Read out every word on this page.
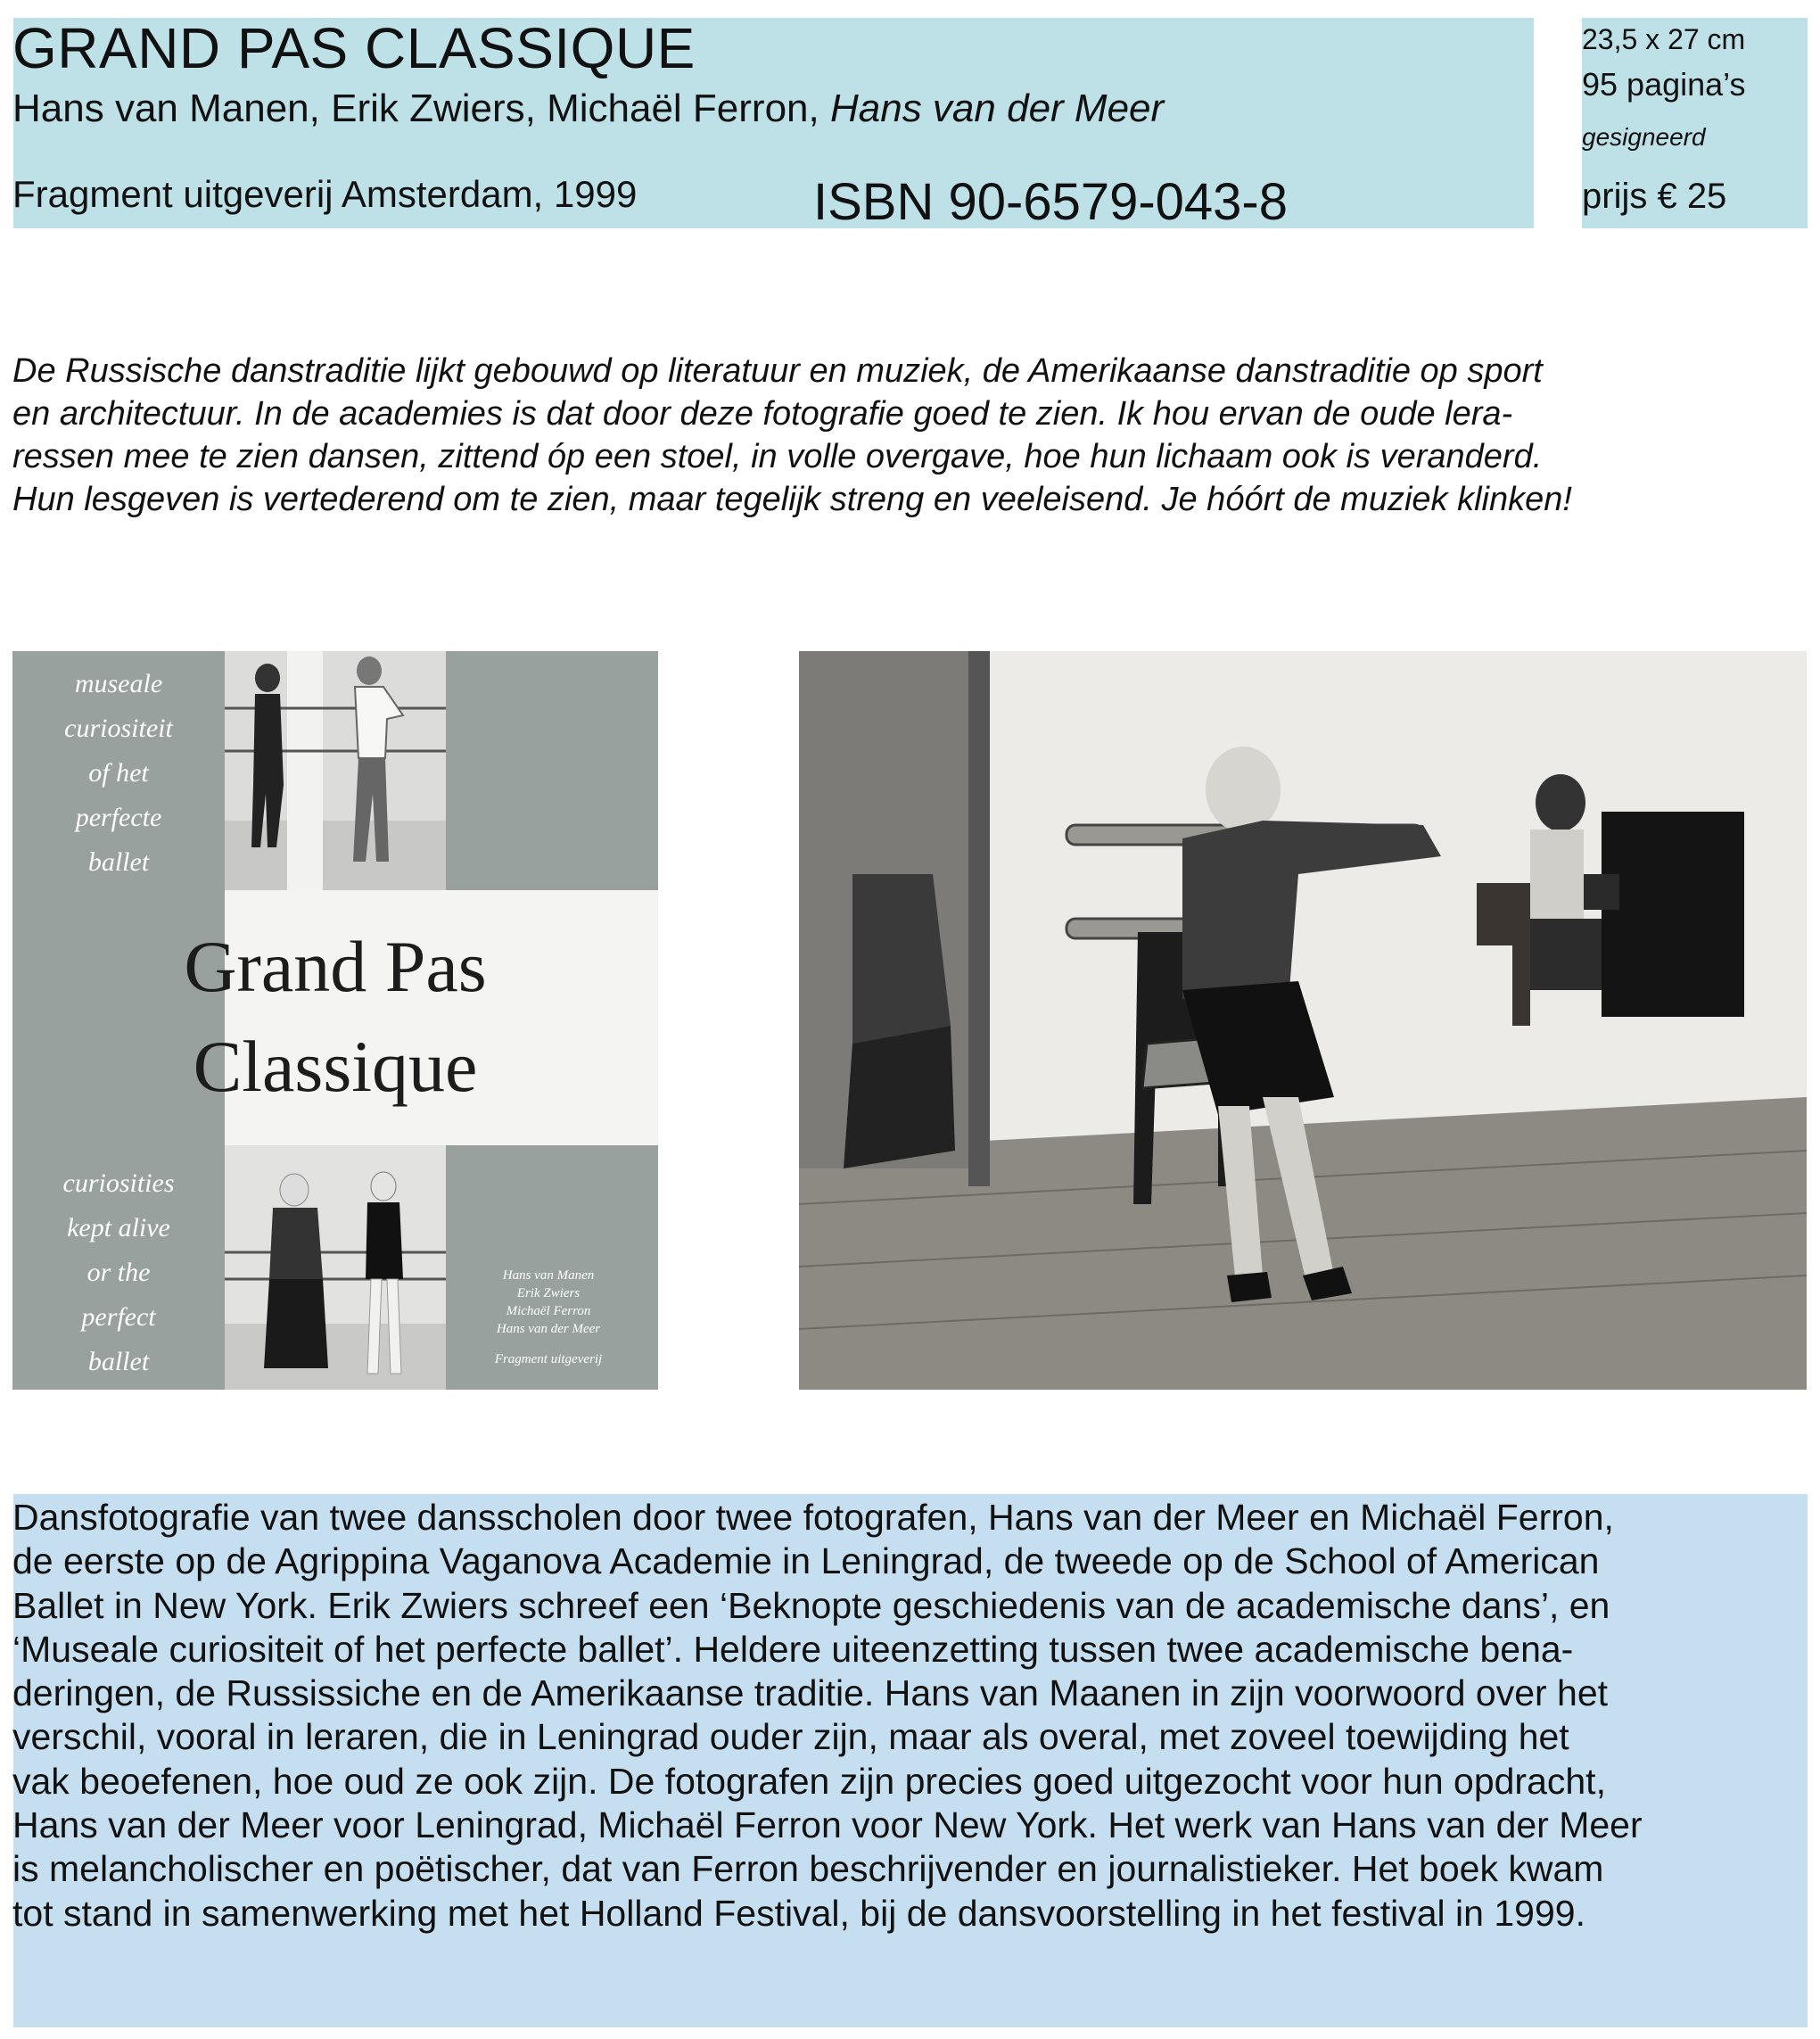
GRAND PAS CLASSIQUE
Hans van Manen, Erik Zwiers, Michaël Ferron, Hans van der Meer
Fragment uitgeverij Amsterdam, 1999	ISBN 90-6579-043-8
23,5 x 27 cm
95 pagina’s
gesigneerd
prijs € 25
De Russische danstraditie lijkt gebouwd op literatuur en muziek, de Amerikaanse danstraditie op sport
en architectuur. In de academies is dat door deze fotografie goed te zien. Ik hou ervan de oude lera-
ressen mee te zien dansen, zittend óp een stoel, in volle overgave, hoe hun lichaam ook is veranderd.
Hun lesgeven is vertederend om te zien, maar tegelijk streng en veeleisend. Je hóórt de muziek klinken!
museale
curiositeit
of het
perfecte
ballet
Grand Pas
Classique
curiosities
kept alive
or the
perfect
ballet
Hans van Manen
Erik Zwiers
Michaël Ferron
Hans van der Meer
Fragment uitgeverij

Dansfotografie van twee dansscholen door twee fotografen, Hans van der Meer en Michaël Ferron,
de eerste op de Agrippina Vaganova Academie in Leningrad, de tweede op de School of American
Ballet in New York. Erik Zwiers schreef een ‘Beknopte geschiedenis van de academische dans’, en
‘Museale curiositeit of het perfecte ballet’. Heldere uiteenzetting tussen twee academische bena-
deringen, de Russissiche en de Amerikaanse traditie. Hans van Maanen in zijn voorwoord over het
verschil, vooral in leraren, die in Leningrad ouder zijn, maar als overal, met zoveel toewijding het
vak beoefenen, hoe oud ze ook zijn. De fotografen zijn precies goed uitgezocht voor hun opdracht,
Hans van der Meer voor Leningrad, Michaël Ferron voor New York. Het werk van Hans van der Meer
is melancholischer en poëtischer, dat van Ferron beschrijvender en journalistieker. Het boek kwam
tot stand in samenwerking met het Holland Festival, bij de dansvoorstelling in het festival in 1999.
